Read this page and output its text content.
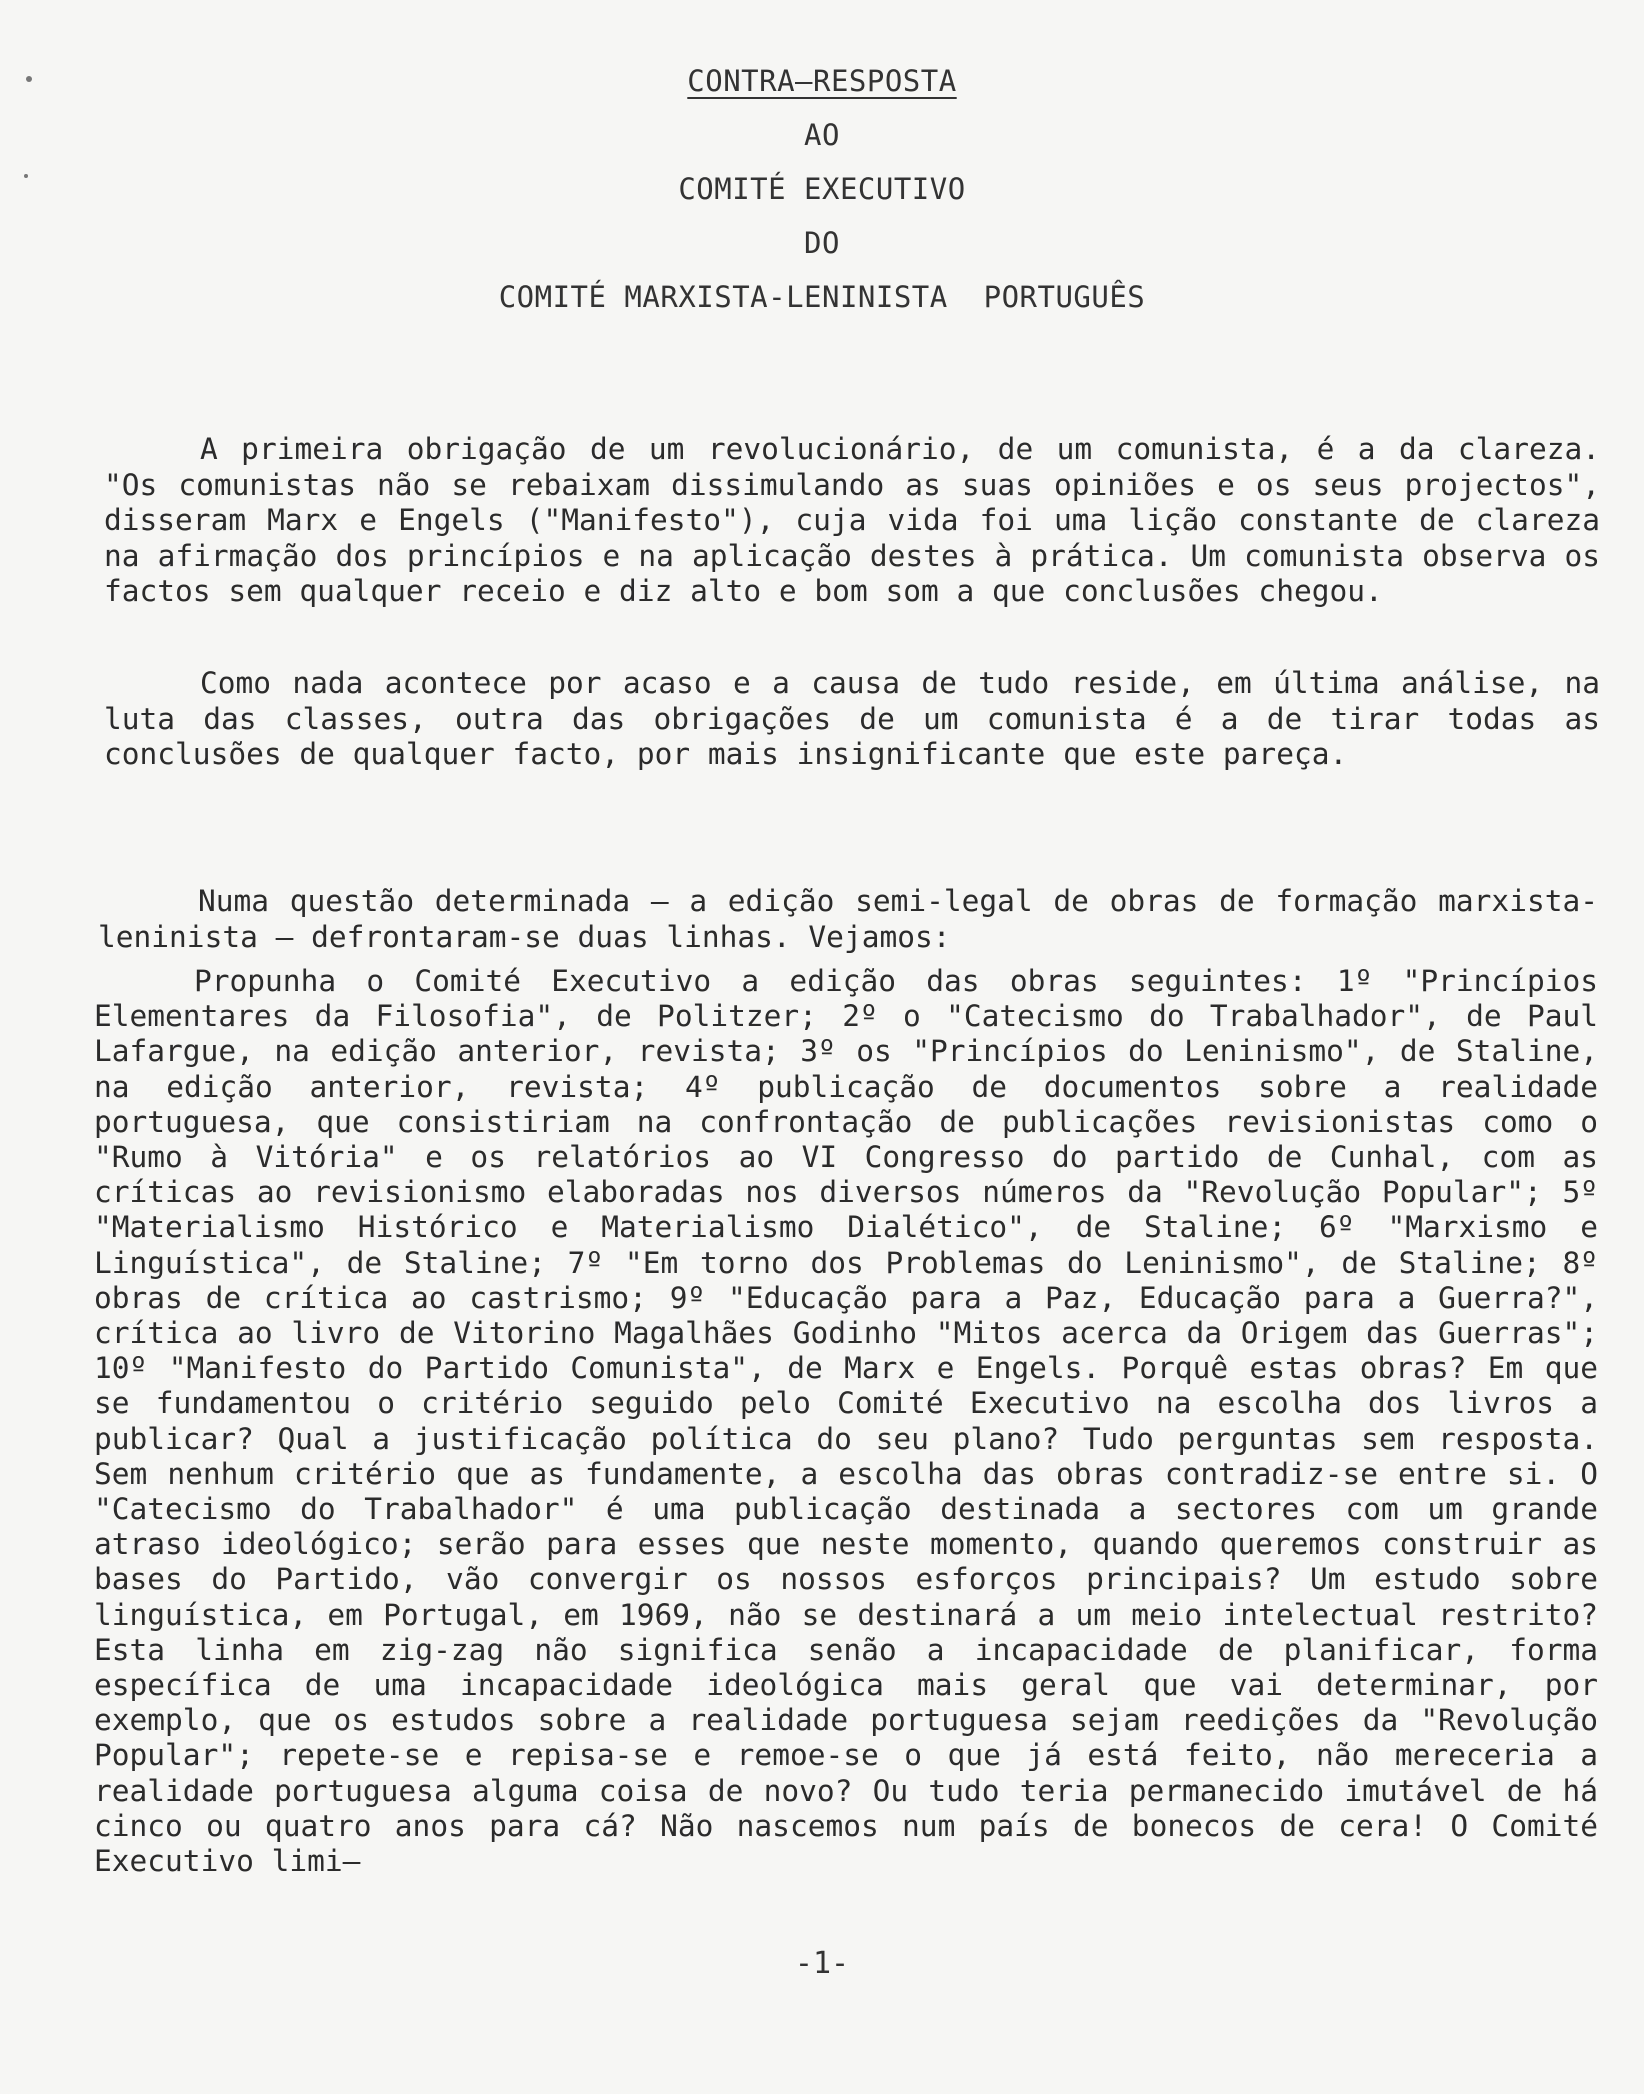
CONTRA—RESPOSTA
AO
COMITÉ EXECUTIVO
DO
COMITÉ MARXISTA-LENINISTA  PORTUGUÊS
A primeira obrigação de um revolucionário, de um comunista, é a da clareza. "Os comunistas não se rebaixam dissimulando as suas opiniões e os seus projectos", disseram Marx e Engels ("Manifesto"), cuja vida foi uma lição constante de clareza na afirmação dos princípios e na aplicação destes à prática. Um comunista observa os factos sem qualquer receio e diz alto e bom som a que conclusões chegou.
Como nada acontece por acaso e a causa de tudo reside, em última análise, na luta das classes, outra das obrigações de um comunista é a de tirar todas as conclusões de qualquer facto, por mais insignificante que este pareça.
Numa questão determinada — a edição semi-legal de obras de formação marxista-leninista — defrontaram-se duas linhas. Vejamos:
Propunha o Comité Executivo a edição das obras seguintes: 1º "Princípios Elementares da Filosofia", de Politzer; 2º o "Catecismo do Trabalhador", de Paul Lafargue, na edição anterior, revista; 3º os "Princípios do Leninismo", de Staline, na edição anterior, revista; 4º publicação de documentos sobre a realidade portuguesa, que consistiriam na confrontação de publicações revisionistas como o "Rumo à Vitória" e os relatórios ao VI Congresso do partido de Cunhal, com as críticas ao revisionismo elaboradas nos diversos números da "Revolução Popular"; 5º "Materialismo Histórico e Materialismo Dialético", de Staline; 6º "Marxismo e Linguística", de Staline; 7º "Em torno dos Problemas do Leninismo", de Staline; 8º obras de crítica ao castrismo; 9º "Educação para a Paz, Educação para a Guerra?", crítica ao livro de Vitorino Magalhães Godinho "Mitos acerca da Origem das Guerras"; 10º "Manifesto do Partido Comunista", de Marx e Engels. Porquê estas obras? Em que se fundamentou o critério seguido pelo Comité Executivo na escolha dos livros a publicar? Qual a justificação política do seu plano? Tudo perguntas sem resposta. Sem nenhum critério que as fundamente, a escolha das obras contradiz-se entre si. O "Catecismo do Trabalhador" é uma publicação destinada a sectores com um grande atraso ideológico; serão para esses que neste momento, quando queremos construir as bases do Partido, vão convergir os nossos esforços principais? Um estudo sobre linguística, em Portugal, em 1969, não se destinará a um meio intelectual restrito? Esta linha em zig-zag não significa senão a incapacidade de planificar, forma específica de uma incapacidade ideológica mais geral que vai determinar, por exemplo, que os estudos sobre a realidade portuguesa sejam reedições da "Revolução Popular"; repete-se e repisa-se e remoe-se o que já está feito, não mereceria a realidade portuguesa alguma coisa de novo? Ou tudo teria permanecido imutável de há cinco ou quatro anos para cá? Não nascemos num país de bonecos de cera! O Comité Executivo limi—
-1-
